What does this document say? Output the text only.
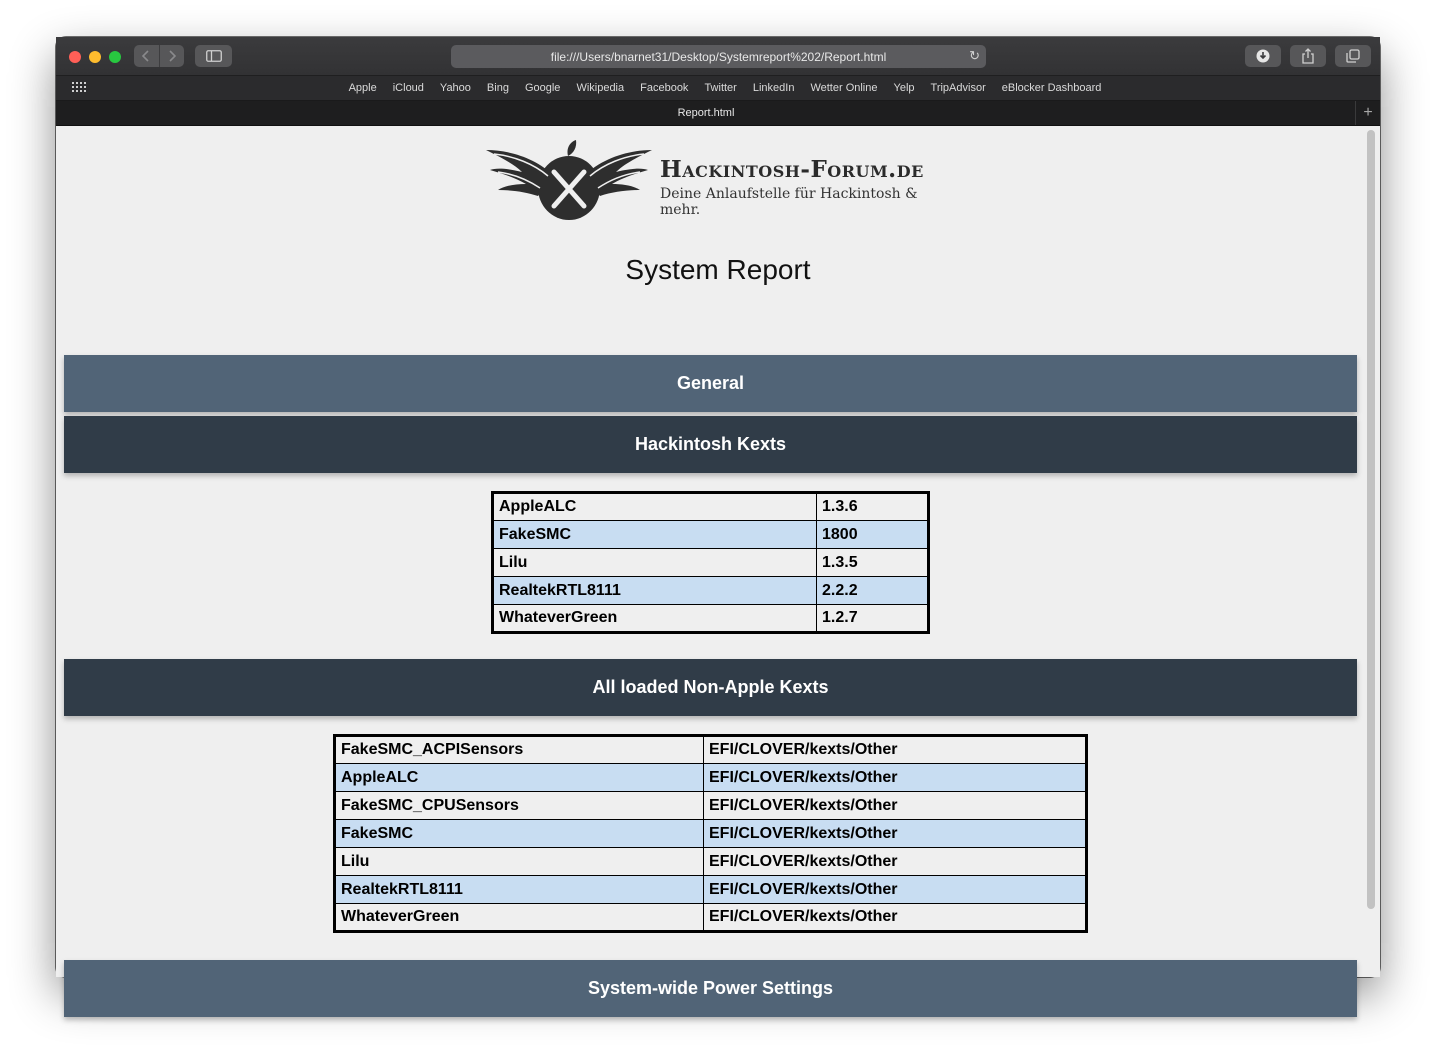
file:///Users/bnarnet31/Desktop/Systemreport%202/Report.html	↻
Apple iCloud Yahoo Bing Google Wikipedia Facebook Twitter LinkedIn Wetter Online Yelp TripAdvisor eBlocker Dashboard
Report.html	+
Hackintosh-Forum.de
Deine Anlaufstelle für Hackintosh & mehr.
System Report
General
Hackintosh Kexts
AppleALC	1.3.6
FakeSMC	1800
Lilu	1.3.5
RealtekRTL8111	2.2.2
WhateverGreen	1.2.7
All loaded Non-Apple Kexts
FakeSMC_ACPISensors	EFI/CLOVER/kexts/Other
AppleALC	EFI/CLOVER/kexts/Other
FakeSMC_CPUSensors	EFI/CLOVER/kexts/Other
FakeSMC	EFI/CLOVER/kexts/Other
Lilu	EFI/CLOVER/kexts/Other
RealtekRTL8111	EFI/CLOVER/kexts/Other
WhateverGreen	EFI/CLOVER/kexts/Other
System-wide Power Settings
